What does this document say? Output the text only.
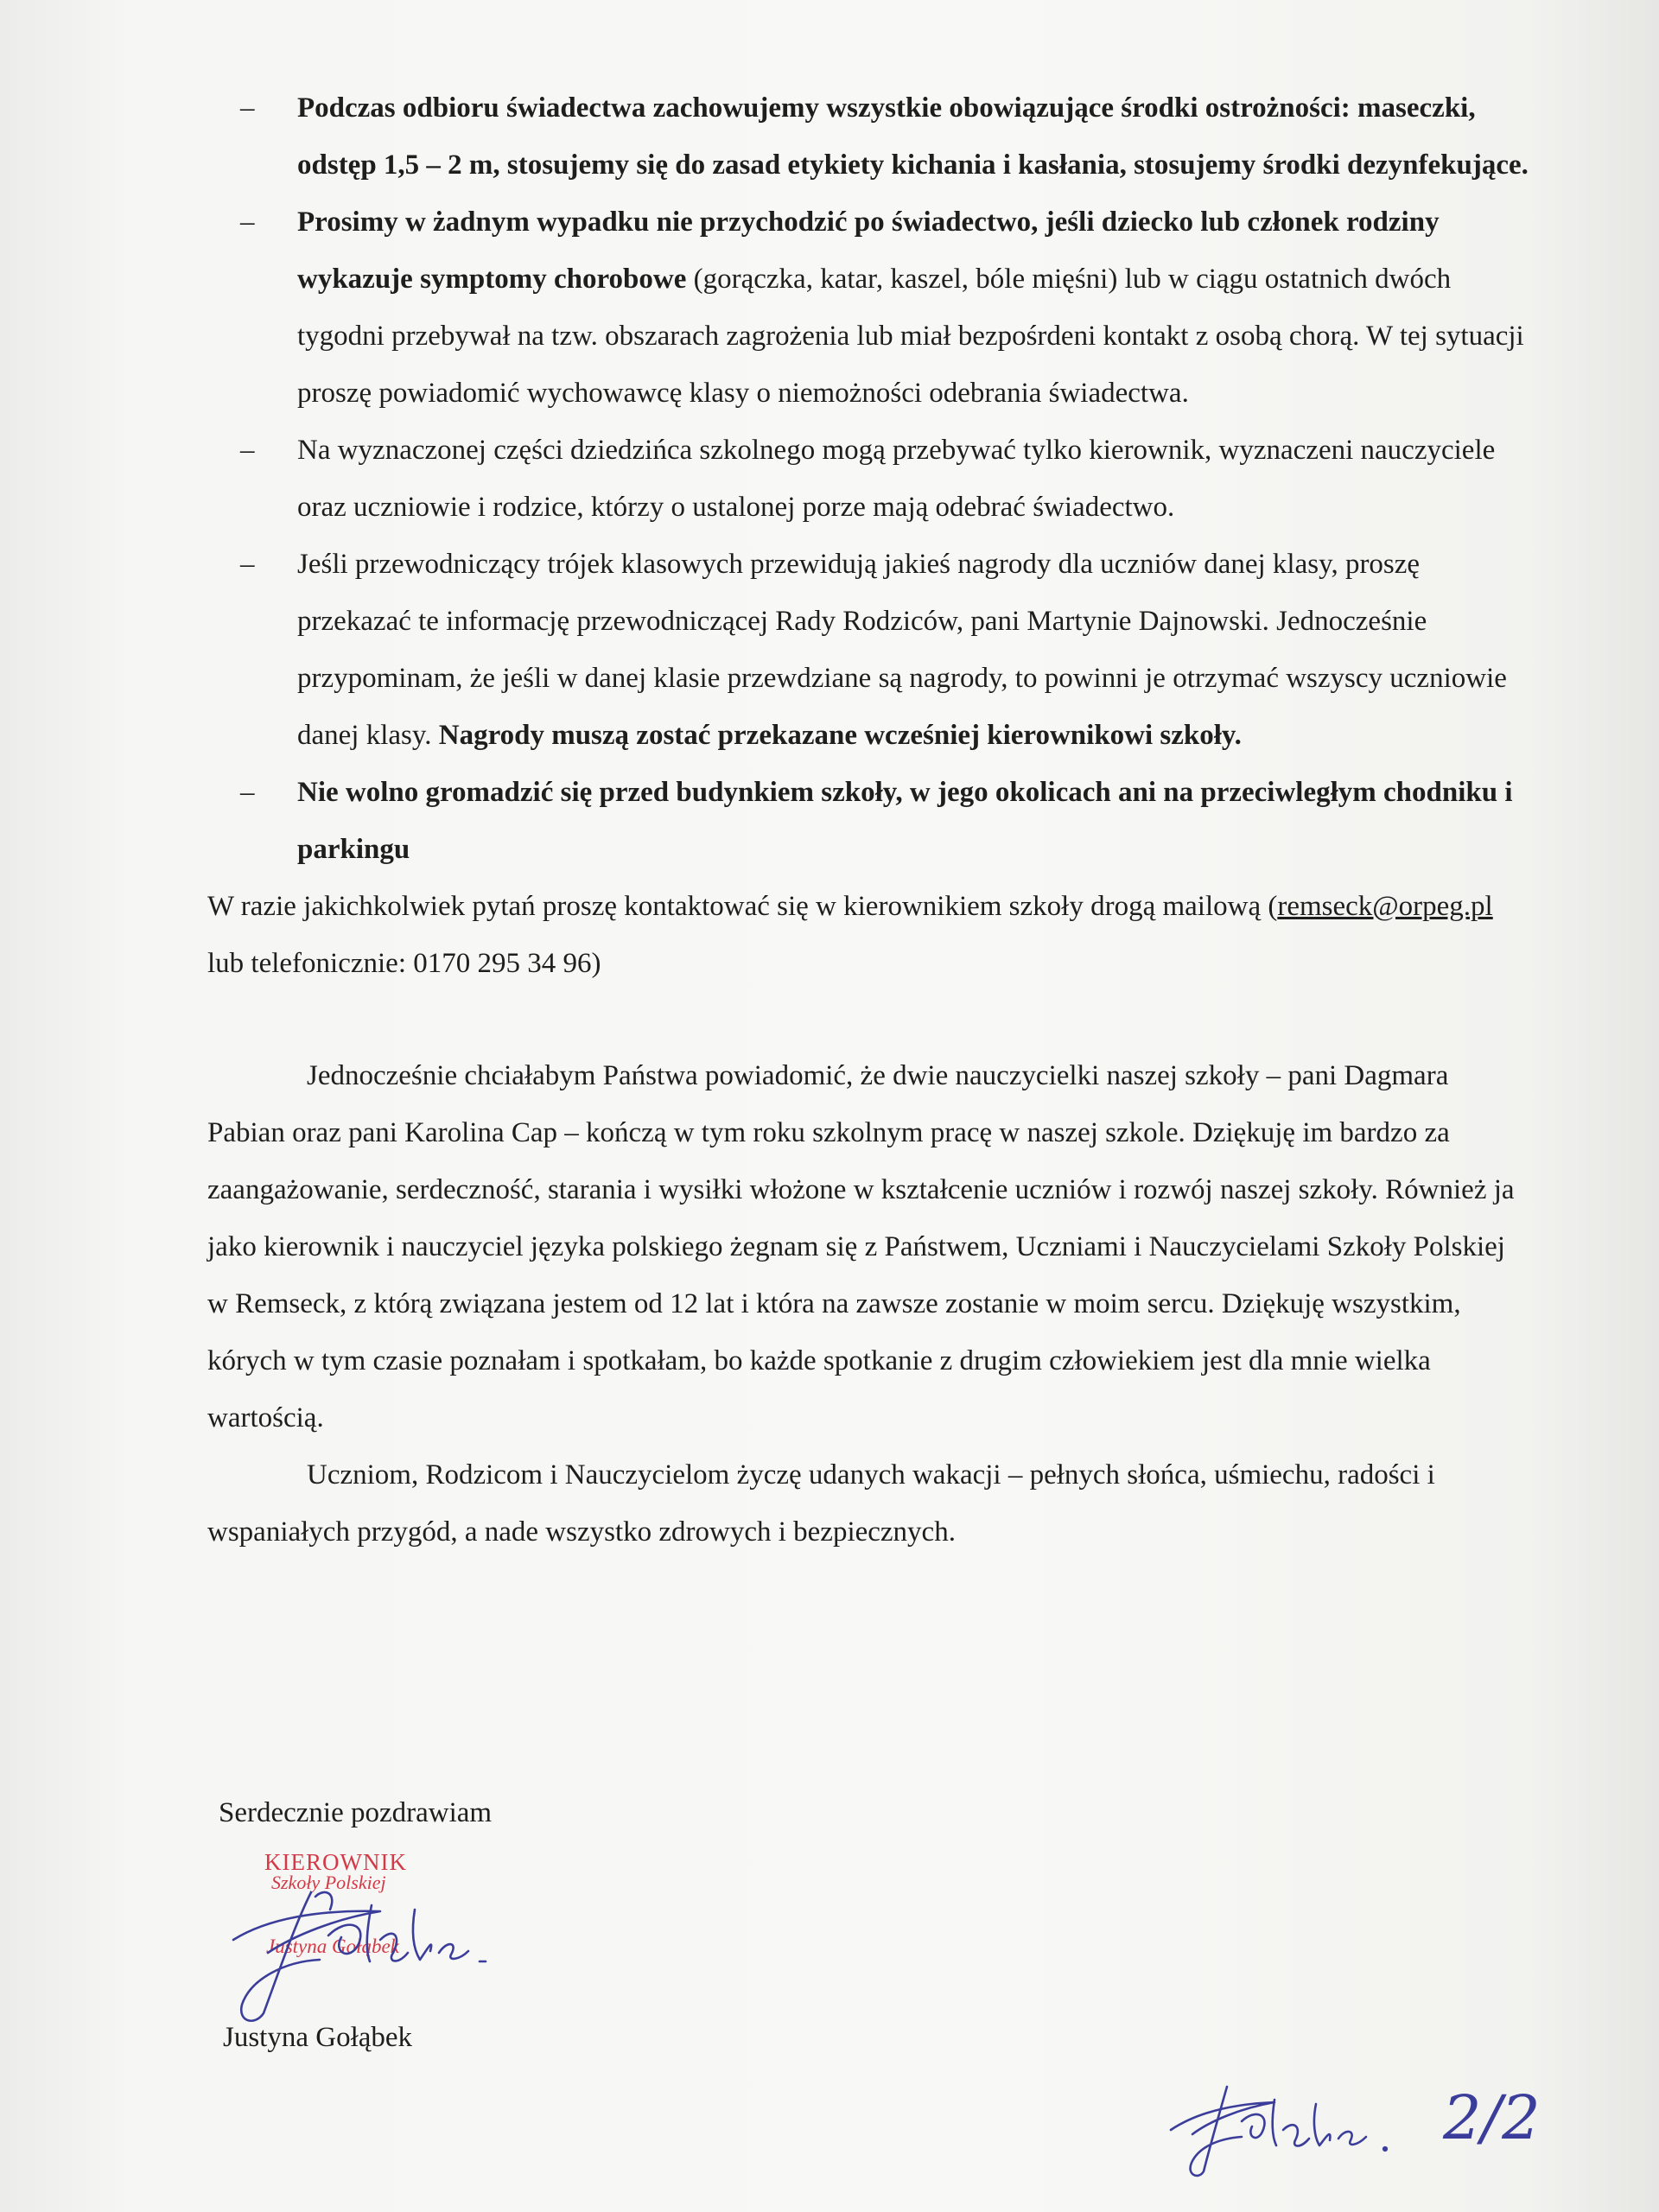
– Podczas odbioru świadectwa zachowujemy wszystkie obowiązujące środki ostrożności: maseczki, odstęp 1,5 – 2 m, stosujemy się do zasad etykiety kichania i kasłania, stosujemy środki dezynfekujące.

– Prosimy w żadnym wypadku nie przychodzić po świadectwo, jeśli dziecko lub członek rodziny wykazuje symptomy chorobowe (gorączka, katar, kaszel, bóle mięśni) lub w ciągu ostatnich dwóch tygodni przebywał na tzw. obszarach zagrożenia lub miał bezpośrdeni kontakt z osobą chorą. W tej sytuacji proszę powiadomić wychowawcę klasy o niemożności odebrania świadectwa.

– Na wyznaczonej części dziedzińca szkolnego mogą przebywać tylko kierownik, wyznaczeni nauczyciele oraz uczniowie i rodzice, którzy o ustalonej porze mają odebrać świadectwo.

– Jeśli przewodniczący trójek klasowych przewidują jakieś nagrody dla uczniów danej klasy, proszę przekazać te informację przewodniczącej Rady Rodziców, pani Martynie Dajnowski. Jednocześnie przypominam, że jeśli w danej klasie przewdziane są nagrody, to powinni je otrzymać wszyscy uczniowie danej klasy. Nagrody muszą zostać przekazane wcześniej kierownikowi szkoły.

– Nie wolno gromadzić się przed budynkiem szkoły, w jego okolicach ani na przeciwległym chodniku i parkingu

W razie jakichkolwiek pytań proszę kontaktować się w kierownikiem szkoły drogą mailową (remseck@orpeg.pl lub telefonicznie: 0170 295 34 96)

Jednocześnie chciałabym Państwa powiadomić, że dwie nauczycielki naszej szkoły – pani Dagmara Pabian oraz pani Karolina Cap – kończą w tym roku szkolnym pracę w naszej szkole. Dziękuję im bardzo za zaangażowanie, serdeczność, starania i wysiłki włożone w kształcenie uczniów i rozwój naszej szkoły. Również ja jako kierownik i nauczyciel języka polskiego żegnam się z Państwem, Uczniami i Nauczycielami Szkoły Polskiej w Remseck, z którą związana jestem od 12 lat i która na zawsze zostanie w moim sercu. Dziękuję wszystkim, kórych w tym czasie poznałam i spotkałam, bo każde spotkanie z drugim człowiekiem jest dla mnie wielka wartością.

Uczniom, Rodzicom i Nauczycielom życzę udanych wakacji – pełnych słońca, uśmiechu, radości i wspaniałych przygód, a nade wszystko zdrowych i bezpiecznych.

Serdecznie pozdrawiam
KIEROWNIK
Szkoły Polskiej
Justyna Gołąbek
Justyna Gołąbek
2/2
